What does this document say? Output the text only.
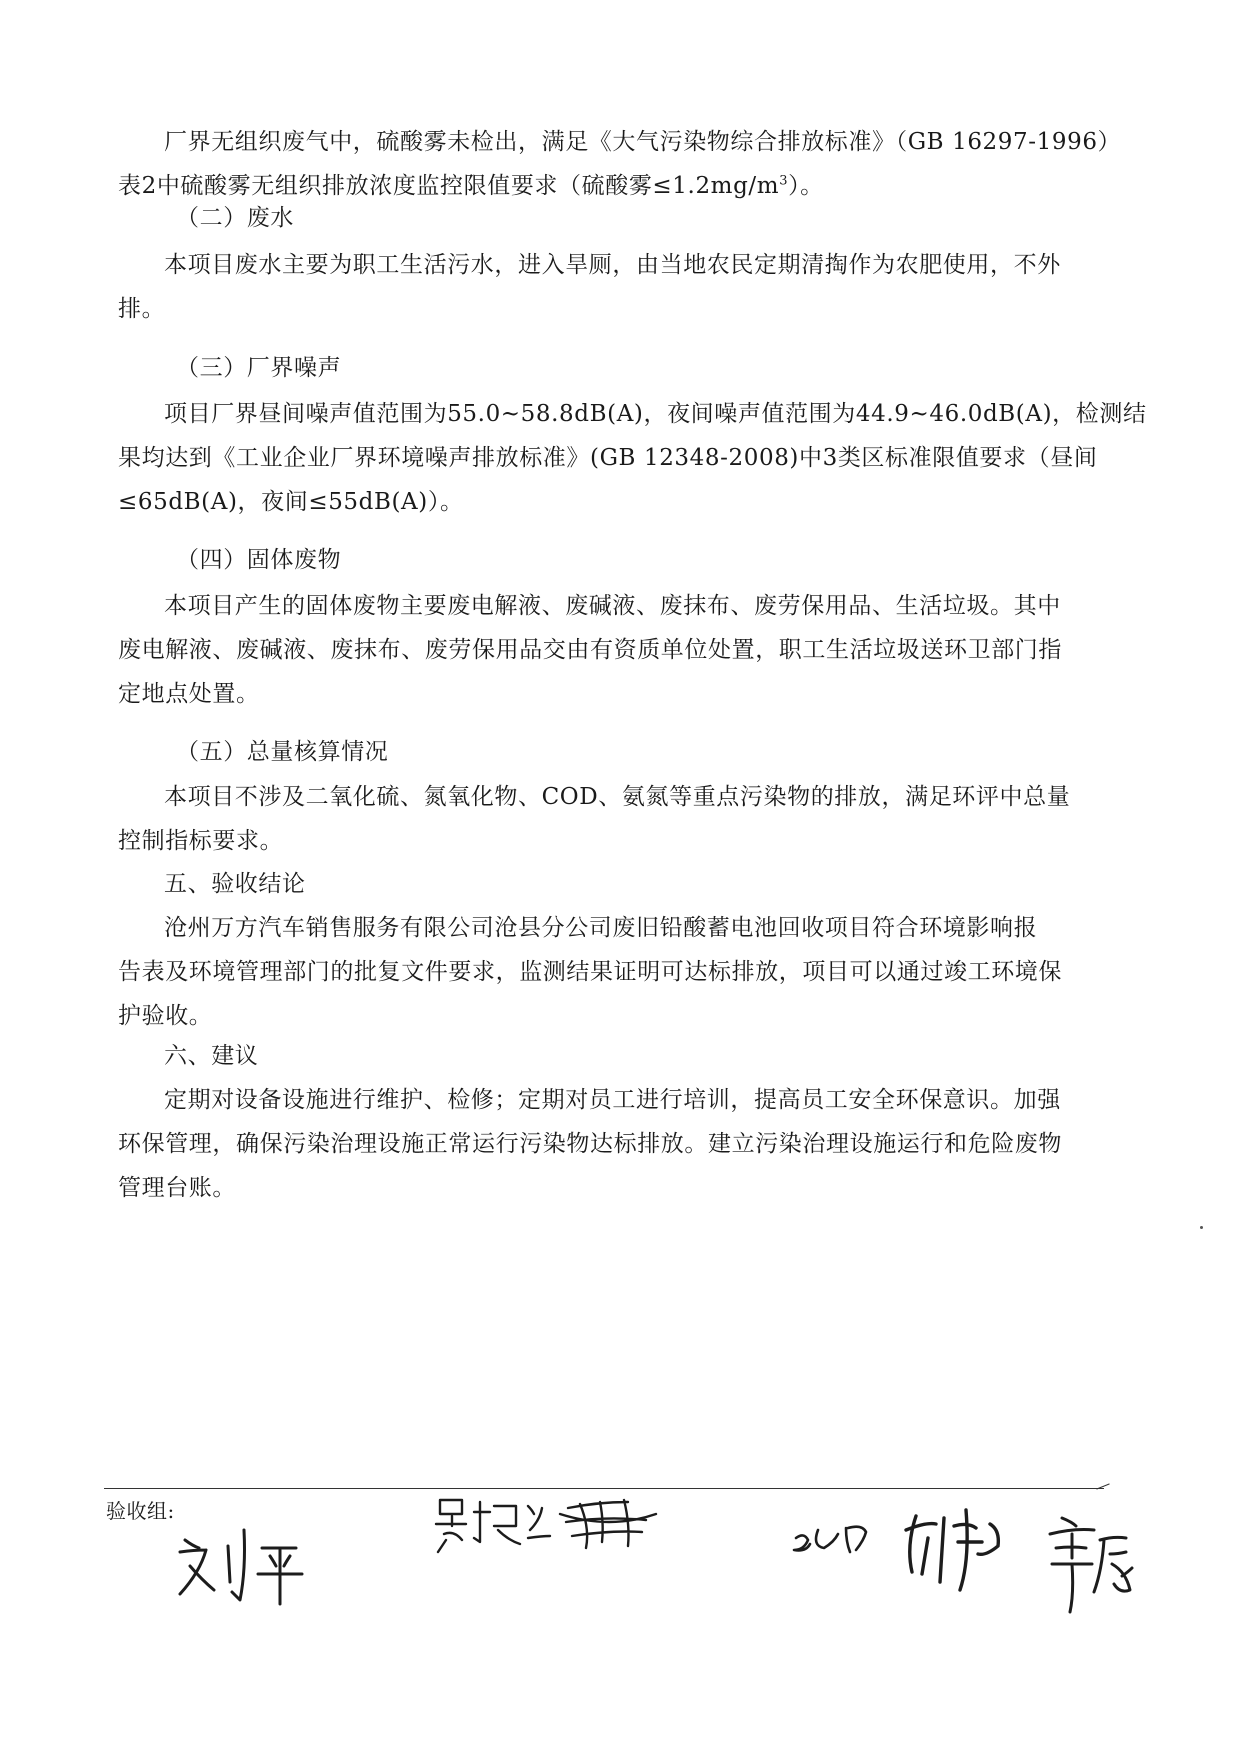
厂界无组织废气中，硫酸雾未检出，满足《大气污染物综合排放标准》（GB 16297-1996）
表2中硫酸雾无组织排放浓度监控限值要求（硫酸雾$\le 1.2mg/m^3$）。
（二）废水
本项目废水主要为职工生活污水，进入旱厕，由当地农民定期清掏作为农肥使用，不外
排。
（三）厂界噪声
项目厂界昼间噪声值范围为55.0~58.8dB(A)，夜间噪声值范围为44.9~46.0dB(A)，检测结
果均达到《工业企业厂界环境噪声排放标准》(GB 12348-2008)中3类区标准限值要求（昼间
≤65dB(A)，夜间≤55dB(A)）。
（四）固体废物
本项目产生的固体废物主要废电解液、废碱液、废抹布、废劳保用品、生活垃圾。其中
废电解液、废碱液、废抹布、废劳保用品交由有资质单位处置，职工生活垃圾送环卫部门指
定地点处置。
（五）总量核算情况
本项目不涉及二氧化硫、氮氧化物、COD、氨氮等重点污染物的排放，满足环评中总量
控制指标要求。
五、验收结论
沧州万方汽车销售服务有限公司沧县分公司废旧铅酸蓄电池回收项目符合环境影响报
告表及环境管理部门的批复文件要求，监测结果证明可达标排放，项目可以通过竣工环境保
护验收。
六、建议
定期对设备设施进行维护、检修；定期对员工进行培训，提高员工安全环保意识。加强
环保管理，确保污染治理设施正常运行污染物达标排放。建立污染治理设施运行和危险废物
管理台账。
验收组:
